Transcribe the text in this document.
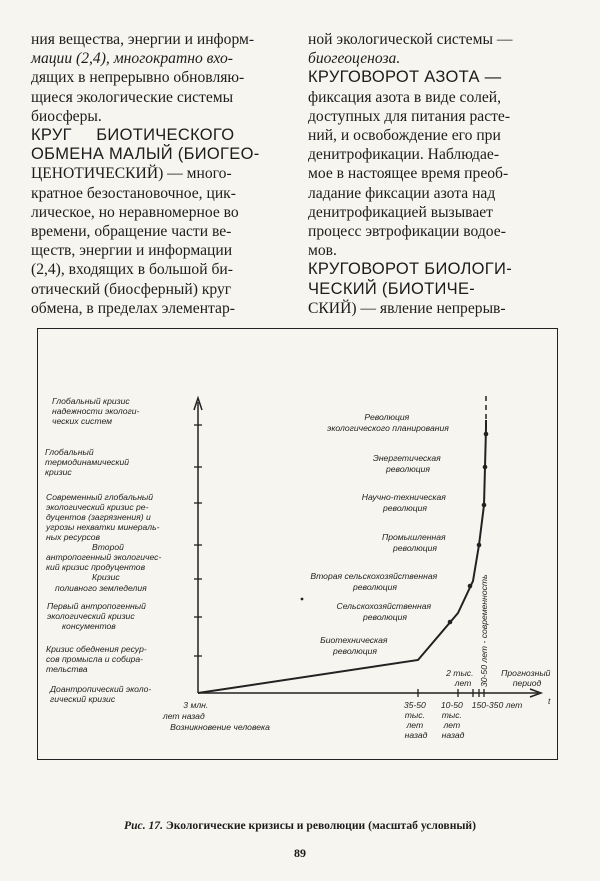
ния вещества, энергии и информ-
мации (2,4), многократно вхо-
дящих в непрерывно обновляю-
щиеся экологические системы
биосферы.
КРУГ     БИОТИЧЕСКОГО
ОБМЕНА МАЛЫЙ (БИОГЕО-
ЦЕНОТИЧЕСКИЙ) — много-
кратное безостановочное, цик-
лическое, но неравномерное во
времени, обращение части ве-
ществ, энергии и информации
(2,4), входящих в большой би-
отический (биосферный) круг
обмена, в пределах элементар-
ной экологической системы —
биогеоценоза.
КРУГОВОРОТ АЗОТА —
фиксация азота в виде солей,
доступных для питания расте-
ний, и освобождение его при
денитрофикации. Наблюдае-
мое в настоящее время преоб-
ладание фиксации азота над
денитрофикацией вызывает
процесс эвтрофикации водое-
мов.
КРУГОВОРОТ БИОЛОГИ-
ЧЕСКИЙ (БИОТИЧЕ-
СКИЙ) — явление непрерыв-
Глобальный кризис надежности экологи- ческих систем
Глобальный термодинамический кризис
Современный глобальный экологический кризис ре- дуцентов (загрязнения) и угрозы нехватки минераль- ных ресурсов
Второй антропогенный экологичес- кий кризис продуцентов
Кризис поливного земледелия
Первый антропогенный экологический кризис консументов
Кризис обеднения ресур- сов промысла и собира- тельства
Доантропический эколо- гический кризис
Революция экологического планирования
Энергетическая революция
Научно-техническая революция
Промышленная революция
Вторая сельскохозяйственная революция
Сельскохозяйственная революция
Биотехническая революция
t
3 млн. лет назад Возникновение человека
35-50 тыс. лет назад
10-50 тыс. лет назад
2 тыс. лет
150-350 лет
30-50 лет - современность Прогнозный период
Рис. 17. Экологические кризисы и революции (масштаб условный)
89
